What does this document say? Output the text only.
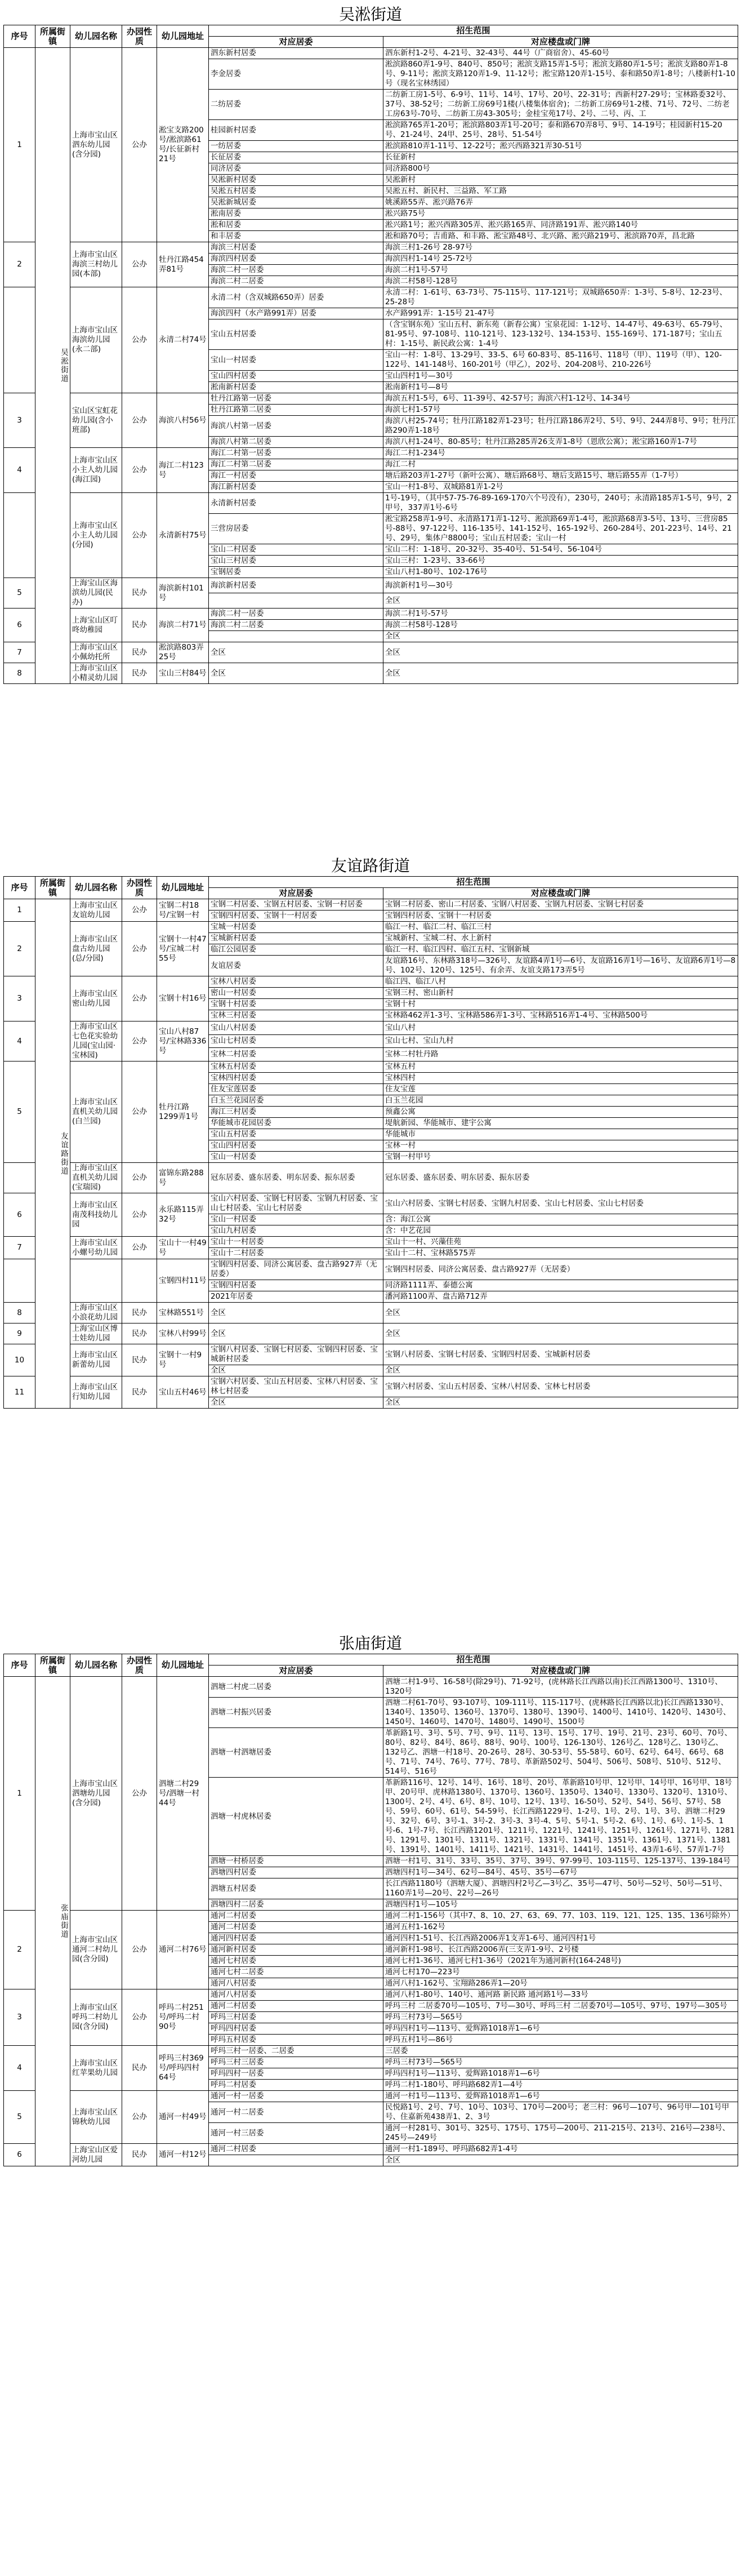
吴淞街道
序号	所属街镇	幼儿园名称	办园性质	幼儿园地址	招生范围	
					对应居委	对应楼盘或门牌
1	吴淞街道	上海市宝山区泗东幼儿园(含分园)	公办	淞宝支路200号/淞滨路61号/长征新村21号	泗东新村居委	泗东新村1-2号、4-21号、32-43号、44号（广商宿舍）、45-60号
					李金居委	淞滨路860弄1-9号、840号、850号；淞滨支路15弄1-5号；淞滨支路80弄1-5号；淞滨支路80弄1-8号、9-11号；淞滨支路120弄1-9、11-12号；淞宝路120弄1-15号、泰和路50弄1-8号；八楼新村1-10号（现名宝林绣园）
					二纺居委	二纺新工房1-5号、6-9号、11号、14号、17号、20号、22-31号；西新村27-29号；宝林路委32号、37号、38-52号；二纺新工房69号1楼(八楼集体宿舍)；二纺新工房69号1-2楼、71号、72号、二纺老工房63号-70号、二纺新工房43-305号；金桂宝苑17号、2号、二号、丙、工
					桂园新村居委	淞滨路765弄1-20号；淞滨路803弄1号-20号；泰和路670弄8号、9号、14-19号；桂园新村15-20号、21-24号、24甲、25号、28号、51-54号
					一纺居委	淞滨路810弄1-11号、12-22号；淞兴西路321弄30-51号
					长征居委	长征新村
					同济居委	同济路800号
					吴淞新村居委	吴淞新村
					吴淞五村居委	吴淞五村、新民村、三益路、军工路
					吴淞新城居委	姚溪路55弄、淞兴路76弄
					淞南居委	淞兴路75号
					淞和居委	淞兴路1号；淞兴西路305弄、淞兴路165弄、同济路191弄、淞兴路140号
					和丰居委	淞和路70号；吉甫路、和丰路、淞宝路48号、北兴路、淞兴路219号、淞滨路70弄，昌北路
2		上海市宝山区海滨三村幼儿园(本部)	公办	牡丹江路454弄81号	海滨三村居委	海滨三村1-26号 28-97号
					海滨四村居委	海滨四村1-14号 25-72号
					海滨二村一居委	海滨二村1号-57号
					海滨二村二居委	海滨二村58号-128号
		上海市宝山区海滨幼儿园(永二部)	公办	永清二村74号	永清二村（含双城路650弄）居委	永清二村：1-61号、63-73号、75-115号、117-121号；双城路650弄：1-3号、5-8号、12-23号、25-28号
					海滨四村（水产路991弄）居委	水产路991弄：1-15号 21-47号
					宝山五村居委	（含宝钢东苑）宝山五村、新东苑（新春公寓）宝泉花园：1-12号、14-47号、49-63号、65-79号、81-95号、97-108号、110-121号、123-132号、134-153号、155-169号、171-187号；宝山五村：1-15号、新民政公寓：1-4号
					宝山一村居委	宝山一村：1-8号、13-29号、33-5、6号 60-83号、85-116号、118号（甲）、119号（甲）、120-122号、141-148号、160-201号（甲乙），202号、204-208号、210-226号
					宝山四村居委	宝山四村1号—30号
					淞南新村居委	淞南新村1号—8号
3		宝山区宝虹花幼儿园(含小班部)	公办	海滨八村56号	牡丹江路第一居委	海滨五村1-5号，6号、11-39号、42-57号；海滨六村1-12号、14-34号
					牡丹江路第二居委	海滨七村1-57号
					海滨八村第一居委	海滨八村25-74号；牡丹江路182弄1-23号；牡丹江路186弄2号、5号、9号、244弄8号、9号；牡丹江路290弄1-18号
					海滨八村第二居委	海滨八村1-24号、80-85号；牡丹江路285弄26支弄1-8号（恩欣公寓）；淞宝路160弄1-7号
4		上海市宝山区小主人幼儿园(海江园)	公办	海江二村123号	海江二村第一居委	海江二村1-234号
					海江二村第二居委	海江二村
					海江一村居委	塘后路203弄1-27号（新叶公寓）、塘后路68号、塘后支路15号、塘后路55弄（1-7号）
					海江新村居委	宝山一村1-8号、双城路81弄1-2号
		上海市宝山区小主人幼儿园(分园)	公办	永清新村75号	永清新村居委	1号-19号，（其中57-75-76-89-169-170六个号没有），230号，240号；永清路185弄1-5号，9号，2甲号，337弄1号-6号
					三营房居委	淞宝路258弄1-9号、永清路171弄1-12号、淞滨路69弄1-4号，淞滨路68弄3-5号、13号、三营房85号-88号、97-122号、116-135号、141-152号、165-192号、260-284号、201-223号、14号、21号、29号，集体户8800号；宝山五村居委；宝山一村
					宝山二村居委	宝山二村：1-18号、20-32号、35-40号、51-54号、56-104号
					宝山三村居委	宝山三村：1-23号、33-66号
					宝钢居委	宝山八村1-80号、102-176号
5		上海宝山区海滨幼儿园(民办)	民办	海滨新村101号	海滨新村居委	海滨新村1号—30号
						全区
6		上海宝山区叮咚幼稚园	民办	海滨二村71号	海滨二村一居委	海滨二村1号-57号
					海滨二村二居委	海滨二村58号-128号
						全区
7		上海市宝山区小佩幼托所	民办	淞滨路803弄25号	全区	全区
8		上海市宝山区小精灵幼儿园	民办	宝山三村84号	全区	全区
友谊路街道
序号	所属街镇	幼儿园名称	办园性质	幼儿园地址	招生范围	
					对应居委	对应楼盘或门牌
1	友谊路街道	上海市宝山区友谊幼儿园	公办	宝钢二村18号/宝钢一村	宝钢二村居委、宝钢五村居委、宝钢一村居委	宝钢二村居委、密山二村居委、宝钢八村居委、宝钢九村居委、宝钢七村居委
					宝钢四村居委、宝钢十一村居委	宝钢四村居委、宝钢十一村居委
2		上海市宝山区盘古幼儿园(总/分园)	公办	宝钢十一村47号/宝城二村55号	宝城一村居委	临江一村、临江二村、临江三村
					宝城新村居委	宝城新村、宝城二村、水上新村
					临江公园居委	临江一村、临江四村、临江五村、宝钢新城
					友谊居委	友谊路16号、东林路318号—326号、友谊路4弄1号—6号、友谊路16弄1号—16号、友谊路6弄1号—8号、102号、120号、125号、有余弄、友谊支路173弄5号
3		上海市宝山区密山幼儿园	公办	宝钢十村16号	宝林八村居委	临江四、临江八村
					密山一村居委	宝钢三村、密山新村
					宝钢十村居委	宝钢十村
					宝林三村居委	宝林路462弄1-3号、宝林路586弄1-3号、宝林路516弄1-4号、宝林路500号
4		上海市宝山区七色花实验幼儿园(宝山园·宝林园)	公办	宝山八村87号/宝林路336号	宝山八村居委	宝山八村
					宝山七村居委	宝山七村、宝山九村
					宝林二村居委	宝林二村牡丹路
5		上海市宝山区直机关幼儿园(白兰园)	公办	牡丹江路1299弄1号	宝林五村居委	宝林五村
					宝林四村居委	宝林四村
					住友宝莲居委	住友宝莲
					白玉兰花园居委	白玉兰花园
					海江三村居委	预鑫公寓
					华能城市花园居委	堤航新园、华能城市、建宇公寓
					宝山五村居委	华能城市
					宝山四村居委	宝林一村
					宝山一村居委	宝钢一村甲号
		上海市宝山区直机关幼儿园(宝瑞园)	公办	富锦东路288号	冠东居委、盛东居委、明东居委、振东居委	冠东居委、盛东居委、明东居委、振东居委
6		上海市宝山区南茂科技幼儿园	公办	永乐路115弄32号	宝山六村居委、宝钢七村居委、宝钢九村居委、宝山七村居委、宝山七村居委	宝山六村居委、宝钢七村居委、宝钢九村居委、宝山七村居委、宝山七村居委
					宝山一村居委	含：海江公寓
					宝山九村居委	含：中艺花园
7		上海市宝山区小螺号幼儿园	公办	宝山十一村49号	宝山十一村居委	宝山十一村、兴藻佳苑
					宝山十二村居委	宝山十二村、宝林路575弄
				宝钢四村11号	宝钢四村居委、同济公寓居委、盘古路927弄（无居委）	宝钢四村居委、同济公寓居委、盘古路927弄（无居委）
					宝钢四村居委	同济路1111弄、泰德公寓
					2021年居委	潘河路1100弄、盘古路712弄
8		上海市宝山区小浪花幼儿园	民办	宝林路551号	全区	全区
9		上海宝山区博士娃幼儿园	民办	宝林八村99号	全区	全区
10		上海市宝山区新蕾幼儿园	民办	宝钢十一村9号	宝钢八村居委、宝钢七村居委、宝钢四村居委、宝城新村居委	宝钢八村居委、宝钢七村居委、宝钢四村居委、宝城新村居委
					全区	全区
11		上海市宝山区行知幼儿园	民办	宝山五村46号	宝钢六村居委、宝山五村居委、宝林八村居委、宝林七村居委	宝钢六村居委、宝山五村居委、宝林八村居委、宝林七村居委
					全区	全区
张庙街道
序号	所属街镇	幼儿园名称	办园性质	幼儿园地址	招生范围	
					对应居委	对应楼盘或门牌
1	张庙街道	上海市宝山区泗塘幼儿园(含分园)	公办	泗塘二村29号/泗塘一村44号	泗塘二村虎二居委	泗塘二村1-9号、16-58号(除29号)、71-92号，(虎林路长江西路以南)长江西路1300号、1310号、1320号
					泗塘二村振兴居委	泗塘二村61-70号、93-107号、109-111号、115-117号、(虎林路长江西路以北)长江西路1330号、1340号、1350号、1360号、1370号、1380号、1390号、1400号、1410号、1420号、1430号、1450号、1460号、1470号、1480号、1490号、1500号
					泗塘一村泗塘居委	革新路1号、3号、5号、7号、9号、11号、13号、15号、17号、19号、21号、23号、60号、70号、80号、82号、84号、86号、88号、90号、100号、126-130号、126号乙、128号乙、130号乙、132号乙、泗塘一村18号、20-26号、28号、30-53号、55-58号、60号、62号、64号、66号、68号、71号、74号、76号、77号、78号、革新路502号、504号、506号、508号、510号、512号、514号、516号
					泗塘一村虎林居委	革新路116号、12号、14号、16号、18号、20号、革新路10号甲、12号甲、14号甲、16号甲、18号甲、20号甲、虎林路1380号、1370号、1360号、1350号、1340号、1330号、1320号、1310号、1300号、2号、4号、6号、8号、10号、12号、13号、16-50号、52号、54号、56号、57号、58号、59号、60号、61号、54-59号、长江西路1229号、1-2号、1号、2号、1号、3号、泗塘二村29号、32号、6号、3号-1、3号-2、3号-3、3号-4、5号、5号-1、5号-2、6号、1号、6号、1号-5、1号-6、1号-7号、长江西路1201号、1211号、1221号、1241号、1251号、1261号、1271号、1281号、1291号、1301号、1311号、1321号、1331号、1341号、1351号、1361号、1371号、1381号、1391号、1401号、1411号、1421号、1431号、1441号、1451号、43弄1-6号、57弄1-7号
					泗塘一村桥居委	泗塘一村1号、31号、33号、35号、37号、39号、97-99号、103-115号、125-137号、139-184号
					泗塘四村居委	泗塘四村1号—34号、62号—84号、45号、35号—67号
					泗塘五村居委	长江西路1180号（泗塘大厦）、泗塘四村2号乙—3号乙、35号—47号、50号—52号、50号—51号、1160弄1号—20号、22号—26号
					泗塘四村二居委	泗塘四村1号—105号
2		上海市宝山区通河二村幼儿园(含分园)	公办	通河二村76号	通河二村居委	通河二村1-156号（其中7、8、10、27、63、69、77、103、119、121、125、135、136号除外）
					通河二村居委	通河五村1-162号
					通河四村居委	通河四村1-51号、长江西路2006弄1支弄1-6号、通河四村1号
					通河新村居委	通河新村1-98号、长江西路2006弄(三支弄1-9号、2号楼
					通河七村居委	通河七村1-36号、通河七村1-36号（2021年为通河新村(164-248号)
					通河七村二居委	通河七村170—223号
					通河八村居委	通河八村1-162号、宝翔路286弄1—20号
3		上海市宝山区呼玛二村幼儿园(含分园)	公办	呼玛二村251号/呼玛二村90号	通河八村居委	通河八村1-80号、140号、通河路 新民路 通河路1号—33号
					通河二村居委	呼玛三村 二居委70号—105号、7号—30号、呼玛三村 二居委70号—105号、97号、197号—305号
					呼玛三村居委	呼玛三村73号—565号
					呼玛四村居委	呼玛四村1号—113号、爱辉路1018弄1—6号
					呼玛五村居委	呼玛五村1号—86号
4		上海市宝山区红苹果幼儿园	民办	呼玛三村369号/呼玛四村64号	呼玛三村一居委、二居委	三居委
					呼玛三村三居委	呼玛三村73号—565号
					呼玛四村一居委	呼玛四村1号—113号、爱辉路1018弄1—6号
					呼玛二村居委	呼玛二村1-180号、呼玛路682弄1—4号
5		上海市宝山区锦秋幼儿园	公办	通河一村49号	通河一村一居委	通河一村1号—113号、爱辉路1018弄1—6号
					通河一村二居委	民悦路1号、2号、7号、10号、103号、170号—200号；老三村：96号—107号、96号甲—101号甲号、住嘉新苑438弄1、2、3号
					通河一村三居委	通河一村281号、301号、325号、175号、175号—200号、211-215号、213号、216号—238号、245号—249号
6		上海宝山区爱河幼儿园	民办	通河一村12号	通河二村居委	通河一村1-189号、呼玛路682弄1-4号
						全区
